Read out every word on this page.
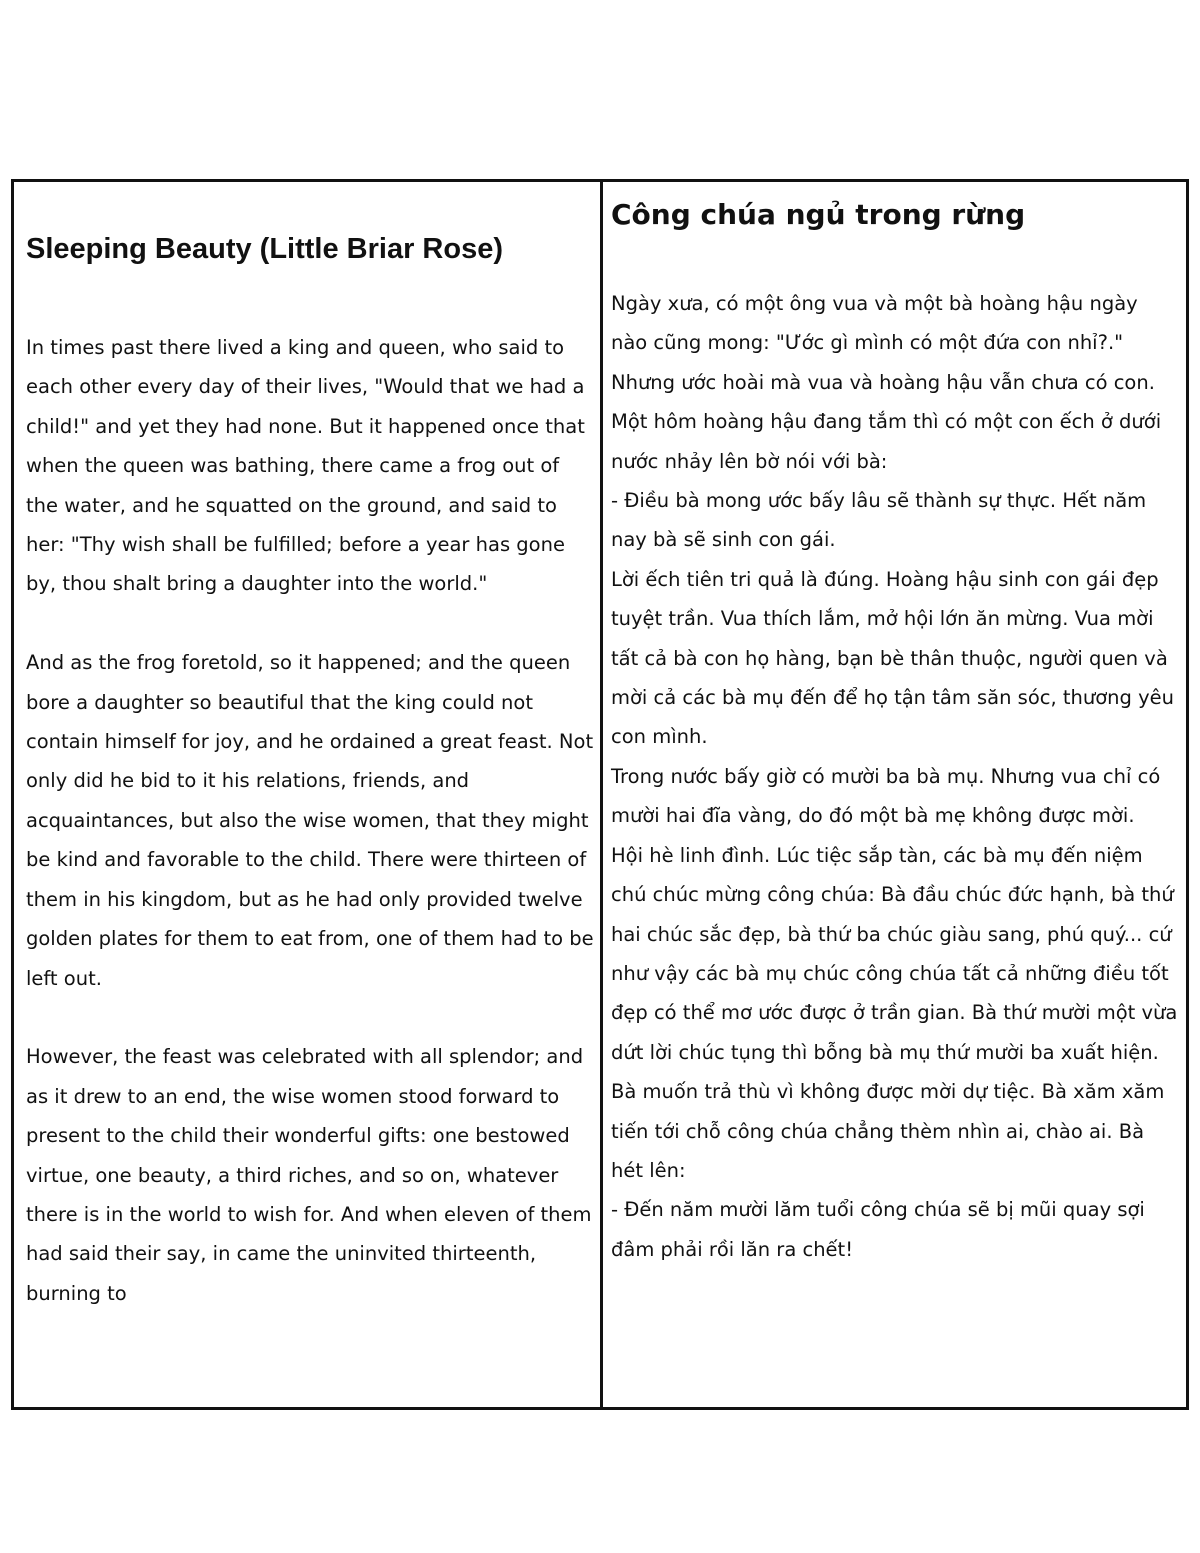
Sleeping Beauty (Little Briar Rose)
In times past there lived a king and queen, who said to each other every day of their lives, "Would that we had a child!" and yet they had none. But it happened once that when the queen was bathing, there came a frog out of the water, and he squatted on the ground, and said to her: "Thy wish shall be fulfilled; before a year has gone by, thou shalt bring a daughter into the world."

And as the frog foretold, so it happened; and the queen bore a daughter so beautiful that the king could not contain himself for joy, and he ordained a great feast. Not only did he bid to it his relations, friends, and acquaintances, but also the wise women, that they might be kind and favorable to the child. There were thirteen of them in his kingdom, but as he had only provided twelve golden plates for them to eat from, one of them had to be left out.

However, the feast was celebrated with all splendor; and as it drew to an end, the wise women stood forward to present to the child their wonderful gifts: one bestowed virtue, one beauty, a third riches, and so on, whatever there is in the world to wish for. And when eleven of them had said their say, in came the uninvited thirteenth, burning to
Công chúa ngủ trong rừng
Ngày xưa, có một ông vua và một bà hoàng hậu ngày nào cũng mong: "Ước gì mình có một đứa con nhỉ?." Nhưng ước hoài mà vua và hoàng hậu vẫn chưa có con.
Một hôm hoàng hậu đang tắm thì có một con ếch ở dưới nước nhảy lên bờ nói với bà:
- Điều bà mong ước bấy lâu sẽ thành sự thực. Hết năm nay bà sẽ sinh con gái.
Lời ếch tiên tri quả là đúng. Hoàng hậu sinh con gái đẹp tuyệt trần. Vua thích lắm, mở hội lớn ăn mừng. Vua mời tất cả bà con họ hàng, bạn bè thân thuộc, người quen và mời cả các bà mụ đến để họ tận tâm săn sóc, thương yêu con mình.
Trong nước bấy giờ có mười ba bà mụ. Nhưng vua chỉ có mười hai đĩa vàng, do đó một bà mẹ không được mời.
Hội hè linh đình. Lúc tiệc sắp tàn, các bà mụ đến niệm chú chúc mừng công chúa: Bà đầu chúc đức hạnh, bà thứ hai chúc sắc đẹp, bà thứ ba chúc giàu sang, phú quý... cứ như vậy các bà mụ chúc công chúa tất cả những điều tốt đẹp có thể mơ ước được ở trần gian. Bà thứ mười một vừa dứt lời chúc tụng thì bỗng bà mụ thứ mười ba xuất hiện. Bà muốn trả thù vì không được mời dự tiệc. Bà xăm xăm tiến tới chỗ công chúa chẳng thèm nhìn ai, chào ai. Bà hét lên:
- Đến năm mười lăm tuổi công chúa sẽ bị mũi quay sợi đâm phải rồi lăn ra chết!
